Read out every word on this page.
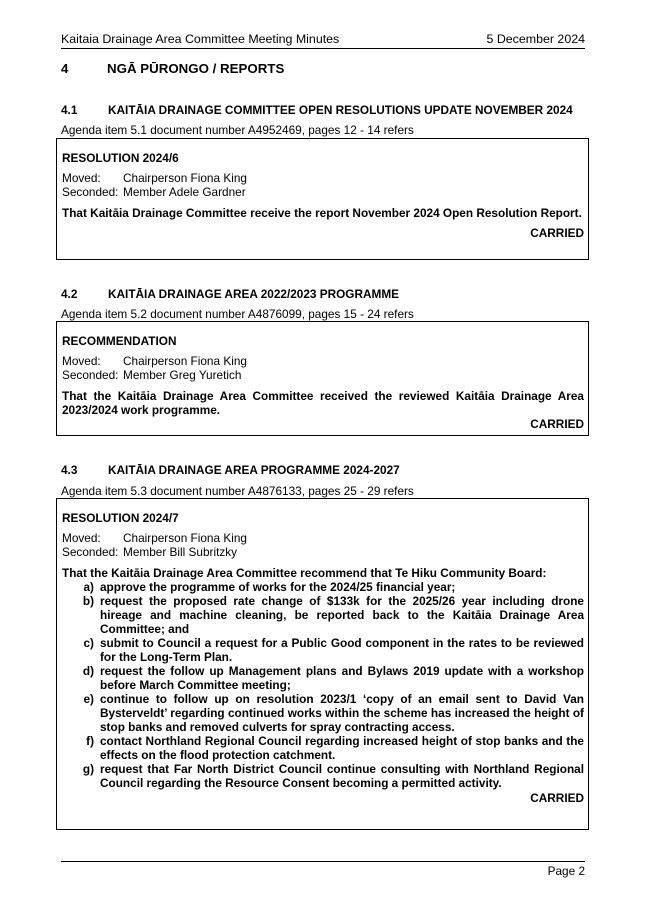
Kaitaia Drainage Area Committee Meeting Minutes	5 December 2024
4	NGĀ PŪRONGO / REPORTS
4.1	KAITĀIA DRAINAGE COMMITTEE OPEN RESOLUTIONS UPDATE NOVEMBER 2024
Agenda item 5.1 document number A4952469, pages 12 - 14 refers
RESOLUTION 2024/6
Moved: Chairperson Fiona King
Seconded: Member Adele Gardner
That Kaitāia Drainage Committee receive the report November 2024 Open Resolution Report.
CARRIED
4.2	KAITĀIA DRAINAGE AREA 2022/2023 PROGRAMME
Agenda item 5.2 document number A4876099, pages 15 - 24 refers
RECOMMENDATION
Moved: Chairperson Fiona King
Seconded: Member Greg Yuretich
That the Kaitāia Drainage Area Committee received the reviewed Kaitāia Drainage Area 2023/2024 work programme.
CARRIED
4.3	KAITĀIA DRAINAGE AREA PROGRAMME 2024-2027
Agenda item 5.3 document number A4876133, pages 25 - 29 refers
RESOLUTION 2024/7
Moved: Chairperson Fiona King
Seconded: Member Bill Subritzky
That the Kaitāia Drainage Area Committee recommend that Te Hiku Community Board:
a) approve the programme of works for the 2024/25 financial year;
b) request the proposed rate change of $133k for the 2025/26 year including drone hireage and machine cleaning, be reported back to the Kaitāia Drainage Area Committee; and
c) submit to Council a request for a Public Good component in the rates to be reviewed for the Long-Term Plan.
d) request the follow up Management plans and Bylaws 2019 update with a workshop before March Committee meeting;
e) continue to follow up on resolution 2023/1 ‘copy of an email sent to David Van Bysterveldt’ regarding continued works within the scheme has increased the height of stop banks and removed culverts for spray contracting access.
f) contact Northland Regional Council regarding increased height of stop banks and the effects on the flood protection catchment.
g) request that Far North District Council continue consulting with Northland Regional Council regarding the Resource Consent becoming a permitted activity.
CARRIED
Page 2
